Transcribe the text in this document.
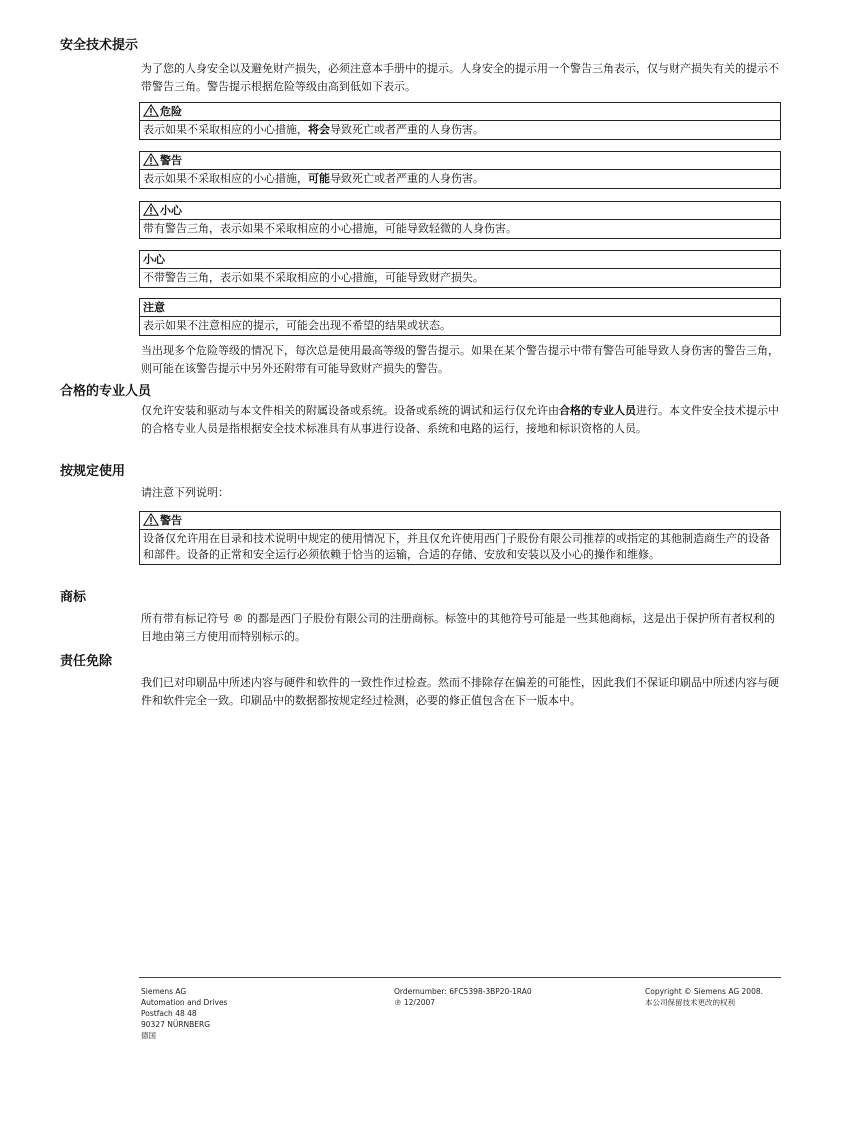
安全技术提示
为了您的人身安全以及避免财产损失，必须注意本手册中的提示。人身安全的提示用一个警告三角表示，仅与财产损失有关的提示不带警告三角。警告提示根据危险等级由高到低如下表示。
危险
表示如果不采取相应的小心措施，将会导致死亡或者严重的人身伤害。
警告
表示如果不采取相应的小心措施，可能导致死亡或者严重的人身伤害。
小心
带有警告三角，表示如果不采取相应的小心措施，可能导致轻微的人身伤害。
小心
不带警告三角，表示如果不采取相应的小心措施，可能导致财产损失。
注意
表示如果不注意相应的提示，可能会出现不希望的结果或状态。
当出现多个危险等级的情况下，每次总是使用最高等级的警告提示。如果在某个警告提示中带有警告可能导致人身伤害的警告三角，则可能在该警告提示中另外还附带有可能导致财产损失的警告。
合格的专业人员
仅允许安装和驱动与本文件相关的附属设备或系统。设备或系统的调试和运行仅允许由合格的专业人员进行。本文件安全技术提示中的合格专业人员是指根据安全技术标准具有从事进行设备、系统和电路的运行，接地和标识资格的人员。
按规定使用
请注意下列说明：
警告
设备仅允许用在目录和技术说明中规定的使用情况下，并且仅允许使用西门子股份有限公司推荐的或指定的其他制造商生产的设备和部件。设备的正常和安全运行必须依赖于恰当的运输，合适的存储、安放和安装以及小心的操作和维修。
商标
所有带有标记符号 ® 的都是西门子股份有限公司的注册商标。标签中的其他符号可能是一些其他商标，这是出于保护所有者权利的 目地由第三方使用而特别标示的。
责任免除
我们已对印刷品中所述内容与硬件和软件的一致性作过检查。然而不排除存在偏差的可能性，因此我们不保证印刷品中所述内容与硬件和软件完全一致。印刷品中的数据都按规定经过检测，必要的修正值包含在下一版本中。
Siemens AG
Automation and Drives
Postfach 48 48
90327 NÜRNBERG
德国
Ordernumber: 6FC5398-3BP20-1RA0
℗ 12/2007
Copyright © Siemens AG 2008.
本公司保留技术更改的权利
